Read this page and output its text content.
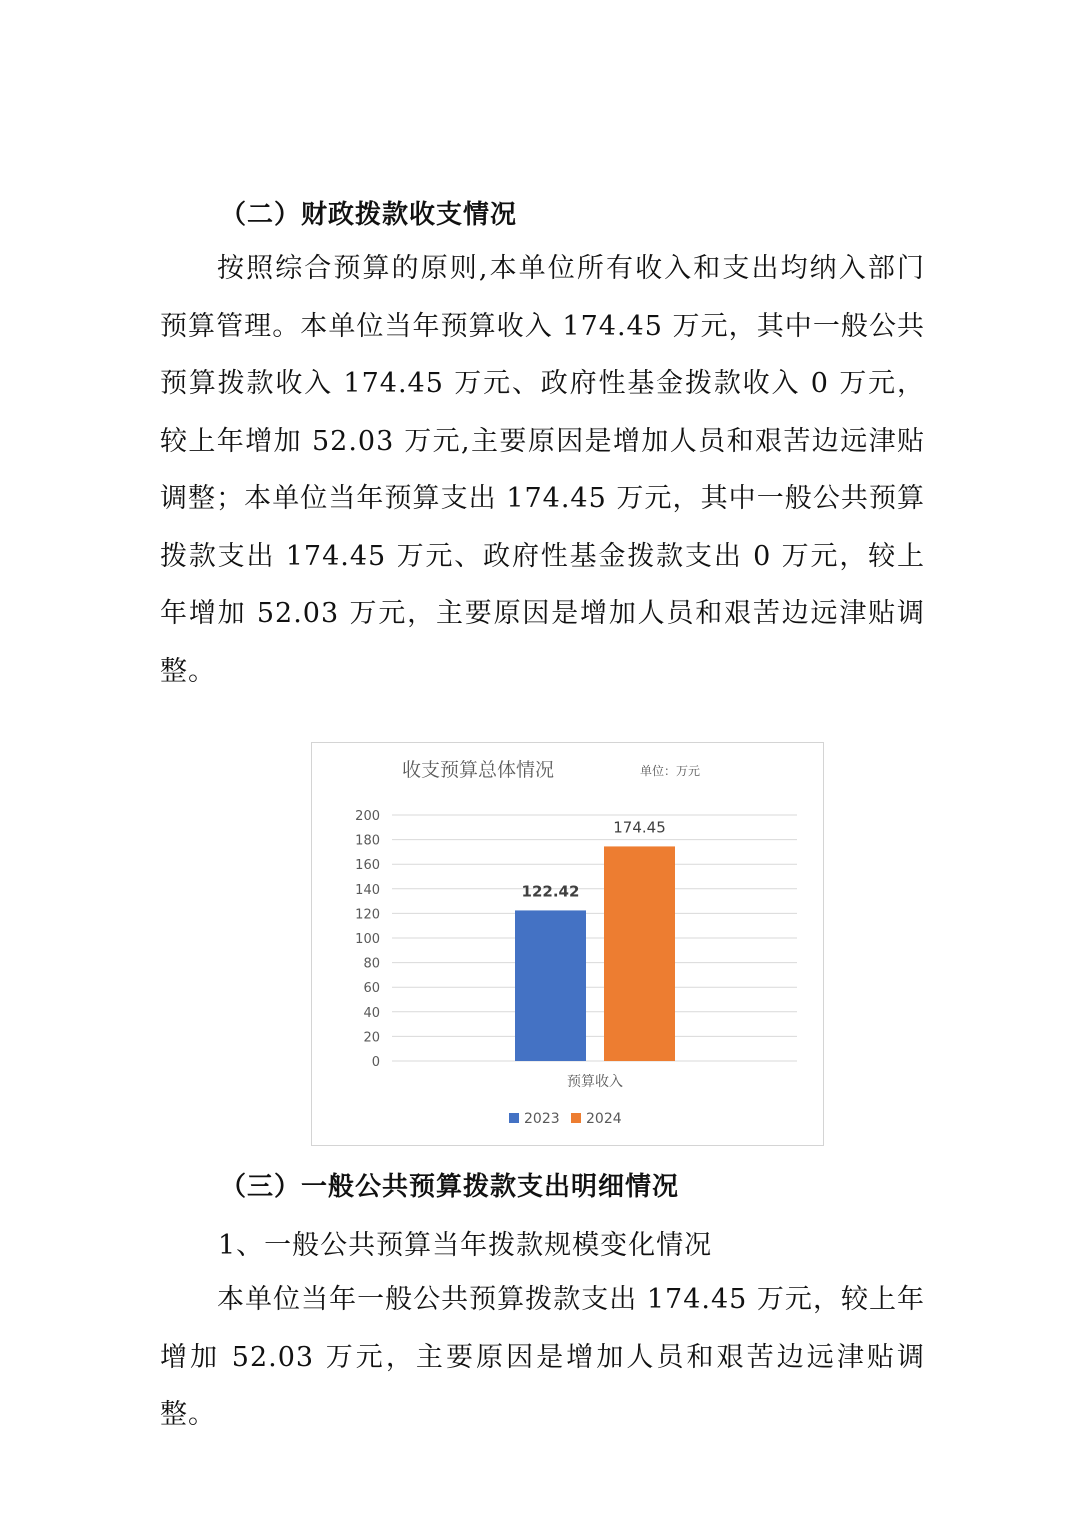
（二）财政拨款收支情况
按照综合预算的原则,本单位所有收入和支出均纳入部门预算管理。本单位当年预算收入 174.45 万元，其中一般公共预算拨款收入 174.45 万元、政府性基金拨款收入 0 万元，较上年增加 52.03 万元,主要原因是增加人员和艰苦边远津贴调整；本单位当年预算支出 174.45 万元，其中一般公共预算拨款支出 174.45 万元、政府性基金拨款支出 0 万元，较上年增加 52.03 万元，主要原因是增加人员和艰苦边远津贴调整。
收支预算总体情况	单位：万元
0
20
40
60
80
100
120
140
160
180
200
122.42
174.45
预算收入
2023 2024
（三）一般公共预算拨款支出明细情况
1、一般公共预算当年拨款规模变化情况
本单位当年一般公共预算拨款支出 174.45 万元，较上年增加 52.03 万元，主要原因是增加人员和艰苦边远津贴调整。
